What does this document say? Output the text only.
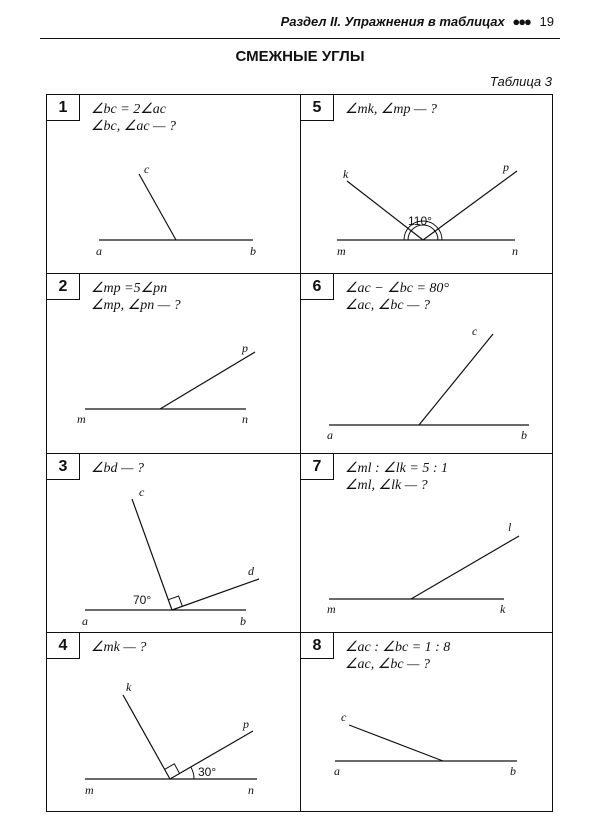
Раздел II. Упражнения в таблицах ●●● 19
СМЕЖНЫЕ УГЛЫ
Таблица 3
1	∠bc = 2∠ac
∠bc, ∠ac — ?
a	b
c
5	∠mk, ∠mp — ?
110°
k	p
m	n
2	∠mp =5∠pn
∠mp, ∠pn — ?
m	n
p
6	∠ac − ∠bc = 80°
∠ac, ∠bc — ?
a	b
c
3	∠bd — ?
70°
c
d
a	b
7	∠ml : ∠lk = 5 : 1
∠ml, ∠lk — ?
m	k
l
4	∠mk — ?
30°
k
p
m	n
8	∠ac : ∠bc = 1 : 8
∠ac, ∠bc — ?
c
a	b
